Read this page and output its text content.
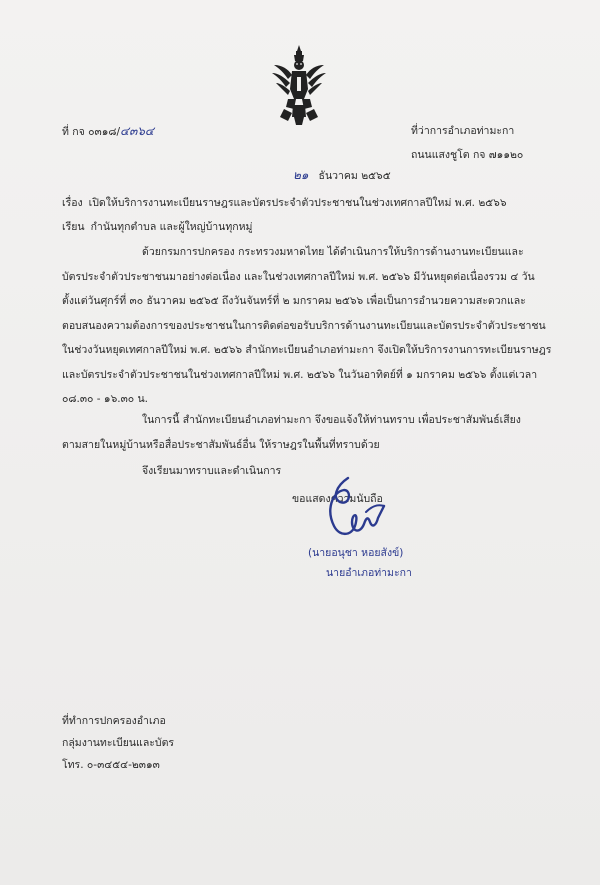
ที่ กจ ๐๓๑๘/๔๓๖๔	ที่ว่าการอำเภอท่ามะกา
ถนนแสงชูโต กจ ๗๑๑๒๐
๒๑ ธันวาคม ๒๕๖๕
เรื่อง เปิดให้บริการงานทะเบียนราษฎรและบัตรประจำตัวประชาชนในช่วงเทศกาลปีใหม่ พ.ศ. ๒๕๖๖
เรียน กำนันทุกตำบล และผู้ใหญ่บ้านทุกหมู่
ด้วยกรมการปกครอง กระทรวงมหาดไทย ได้ดำเนินการให้บริการด้านงานทะเบียนและ
บัตรประจำตัวประชาชนมาอย่างต่อเนื่อง และในช่วงเทศกาลปีใหม่ พ.ศ. ๒๕๖๖ มีวันหยุดต่อเนื่องรวม ๔ วัน
ตั้งแต่วันศุกร์ที่ ๓๐ ธันวาคม ๒๕๖๕ ถึงวันจันทร์ที่ ๒ มกราคม ๒๕๖๖ เพื่อเป็นการอำนวยความสะดวกและ
ตอบสนองความต้องการของประชาชนในการติดต่อขอรับบริการด้านงานทะเบียนและบัตรประจำตัวประชาชน
ในช่วงวันหยุดเทศกาลปีใหม่ พ.ศ. ๒๕๖๖ สำนักทะเบียนอำเภอท่ามะกา จึงเปิดให้บริการงานการทะเบียนราษฎร
และบัตรประจำตัวประชาชนในช่วงเทศกาลปีใหม่ พ.ศ. ๒๕๖๖ ในวันอาทิตย์ที่ ๑ มกราคม ๒๕๖๖ ตั้งแต่เวลา
๐๘.๓๐ - ๑๖.๓๐ น.
ในการนี้ สำนักทะเบียนอำเภอท่ามะกา จึงขอแจ้งให้ท่านทราบ เพื่อประชาสัมพันธ์เสียง
ตามสายในหมู่บ้านหรือสื่อประชาสัมพันธ์อื่น ให้ราษฎรในพื้นที่ทราบด้วย
จึงเรียนมาทราบและดำเนินการ
ขอแสดงความนับถือ
(นายอนุชา หอยสังข์)
นายอำเภอท่ามะกา
ที่ทำการปกครองอำเภอ
กลุ่มงานทะเบียนและบัตร
โทร. ๐-๓๔๕๔-๒๓๑๓
